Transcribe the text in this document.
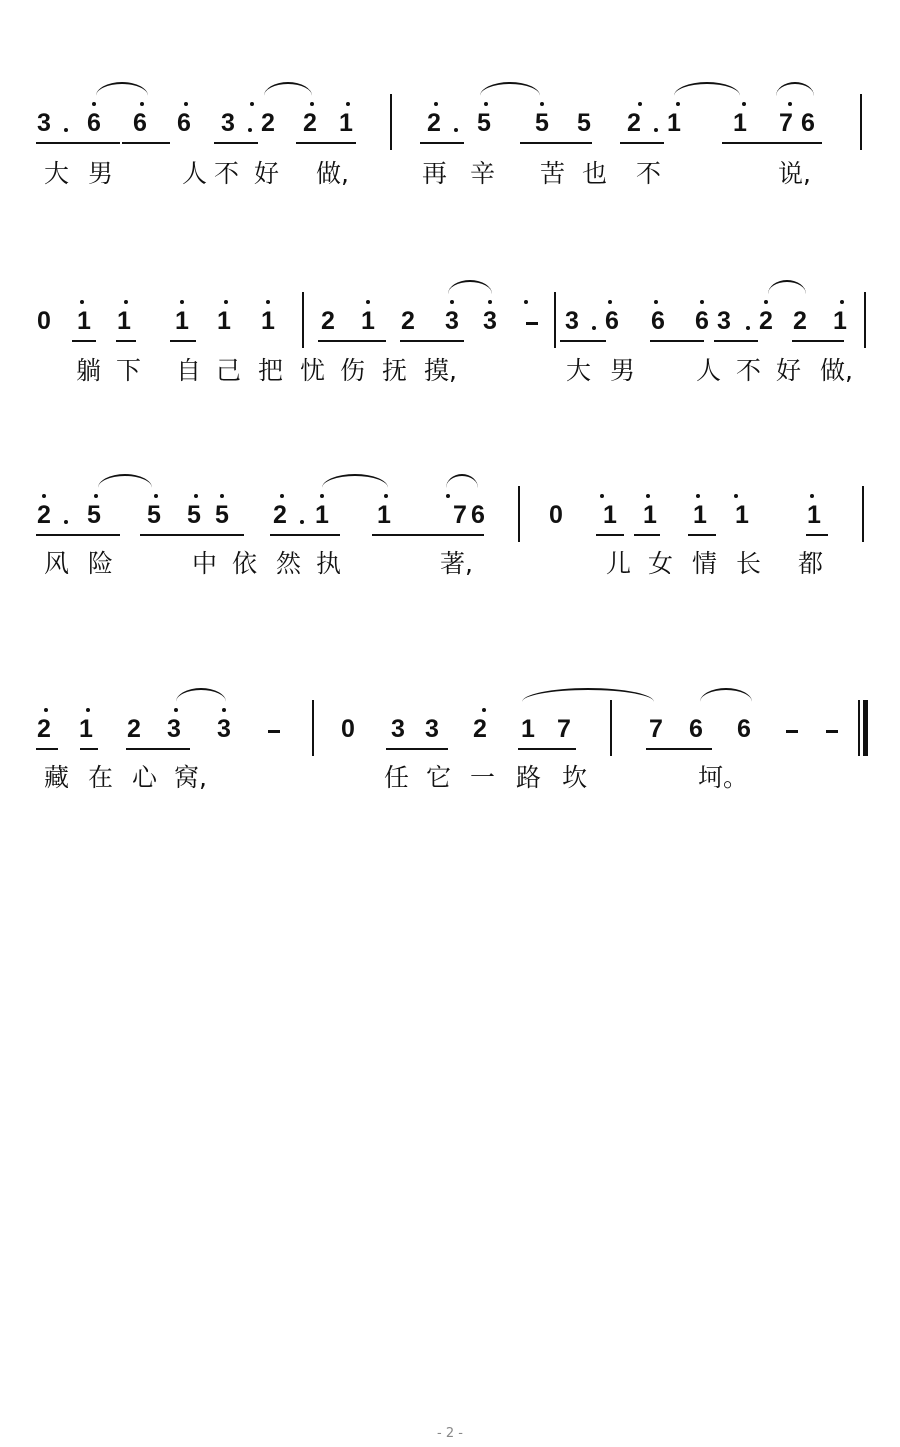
3 6 6 6 3 2 2 1	2 5 5 5 2 1 1 7 6
大 男	人 不 好 做,	再 辛 苦 也 不	说,
0 1 1 1 1 1 2 1 2 3 3	3 6 6 6 3 2 2 1
躺 下 自 己 把 忧 伤 抚 摸,	大 男 人 不 好 做,
2 5 5 5 5 2 1 1 7 6	0 1 1 1 1 1
风 险	中 依 然 执	著,	儿 女 情 长 都
2 1 2 3 3	0 3 3 2 1 7	7 6 6
藏 在 心 窝,	任 它 一 路 坎	坷。
- 2 -
